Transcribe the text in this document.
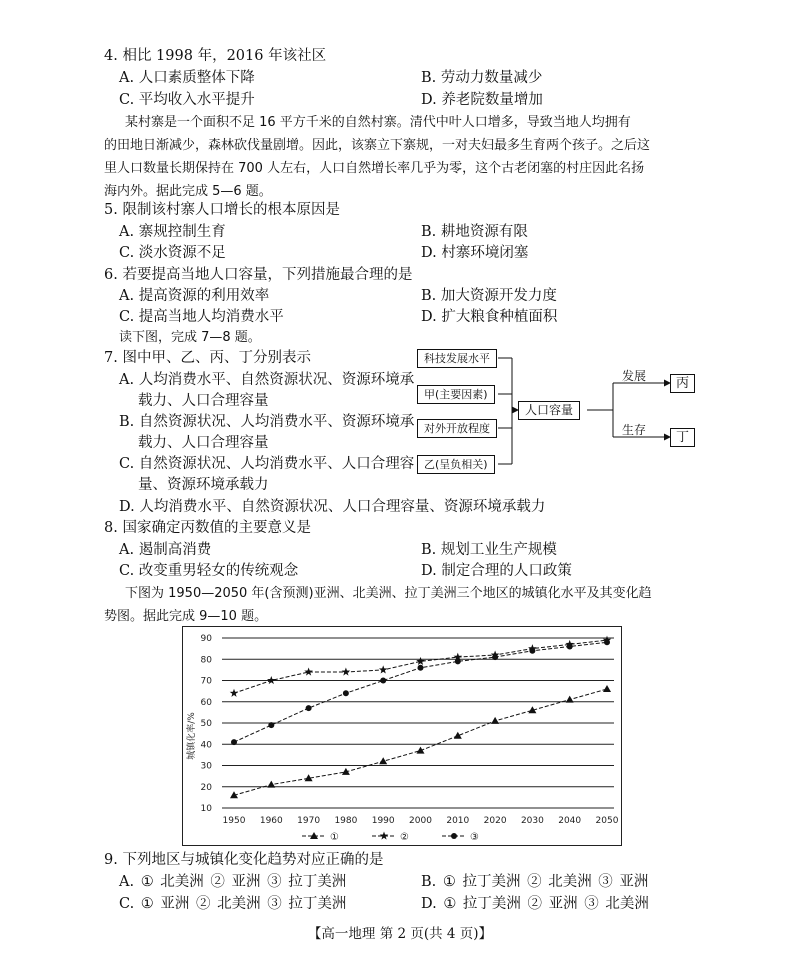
4. 相比 1998 年，2016 年该社区
A. 人口素质整体下降	B. 劳动力数量减少
C. 平均收入水平提升	D. 养老院数量增加
某村寨是一个面积不足 16 平方千米的自然村寨。清代中叶人口增多，导致当地人均拥有
的田地日渐减少，森林砍伐量剧增。因此，该寨立下寨规，一对夫妇最多生育两个孩子。之后这
里人口数量长期保持在 700 人左右，人口自然增长率几乎为零，这个古老闭塞的村庄因此名扬
海内外。据此完成 5—6 题。
5. 限制该村寨人口增长的根本原因是
A. 寨规控制生育	B. 耕地资源有限
C. 淡水资源不足	D. 村寨环境闭塞
6. 若要提高当地人口容量，下列措施最合理的是
A. 提高资源的利用效率	B. 加大资源开发力度
C. 提高当地人均消费水平	D. 扩大粮食种植面积
读下图，完成 7—8 题。
7. 图中甲、乙、丙、丁分别表示
A. 人均消费水平、自然资源状况、资源环境承
载力、人口合理容量
B. 自然资源状况、人均消费水平、资源环境承
载力、人口合理容量
C. 自然资源状况、人均消费水平、人口合理容
量、资源环境承载力
D. 人均消费水平、自然资源状况、人口合理容量、资源环境承载力
科技发展水平
甲(主要因素)
对外开放程度
乙(呈负相关)
人口容量
发展
生存
丙
丁
8. 国家确定丙数值的主要意义是
A. 遏制高消费	B. 规划工业生产规模
C. 改变重男轻女的传统观念	D. 制定合理的人口政策
下图为 1950—2050 年(含预测)亚洲、北美洲、拉丁美洲三个地区的城镇化水平及其变化趋
势图。据此完成 9—10 题。
城镇化率/%
1950 1960 1970 1980 1990 2000 2010 2020 2030 2040 2050
10
20
30
40
50
60
70
80
90
①	②	③
9. 下列地区与城镇化变化趋势对应正确的是
A. ① 北美洲 ② 亚洲 ③ 拉丁美洲	B. ① 拉丁美洲 ② 北美洲 ③ 亚洲
C. ① 亚洲 ② 北美洲 ③ 拉丁美洲	D. ① 拉丁美洲 ② 亚洲 ③ 北美洲
【高一地理 第 2 页(共 4 页)】
